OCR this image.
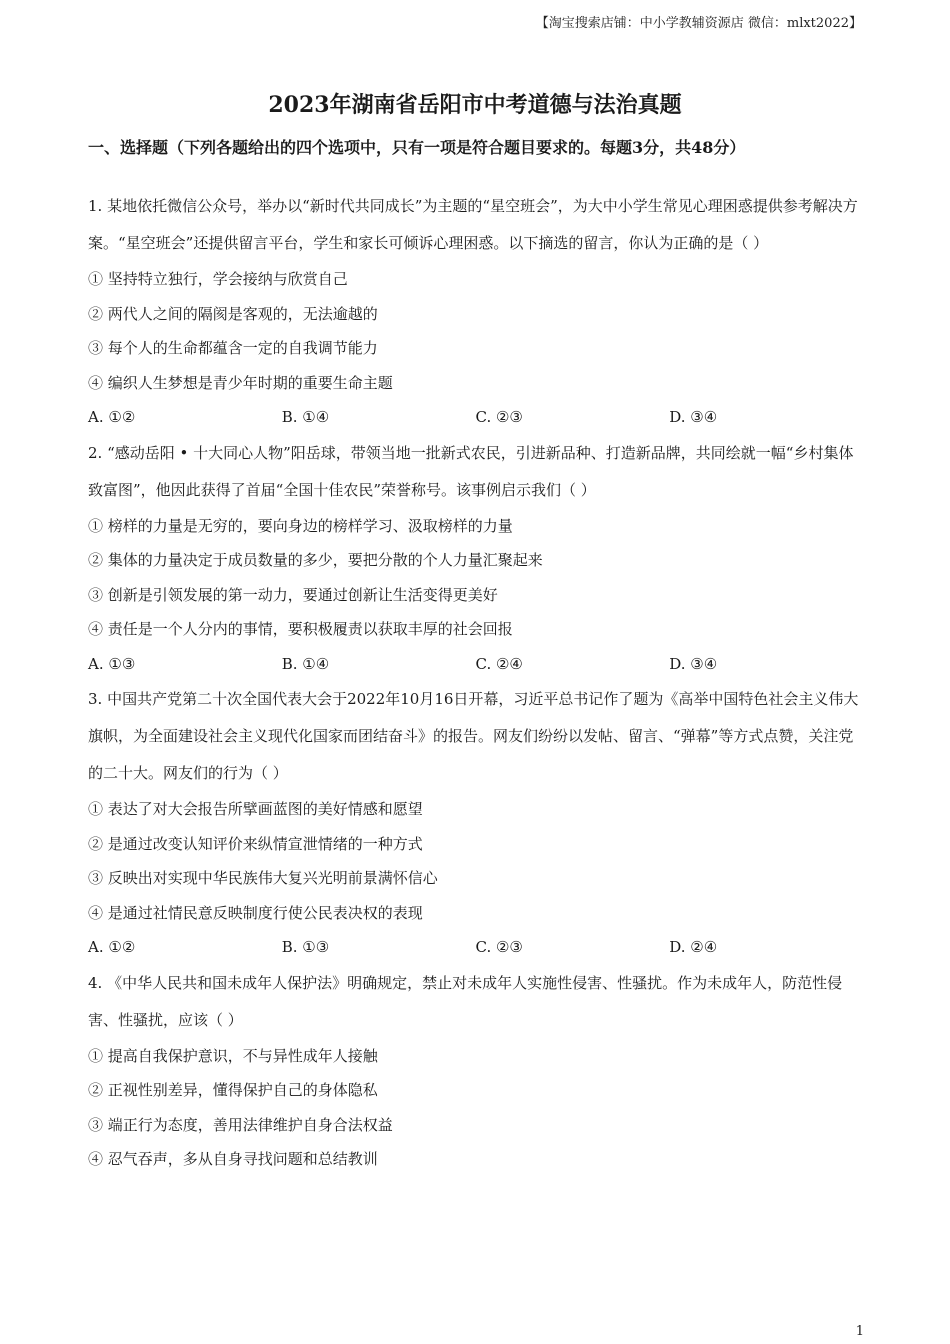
【淘宝搜索店铺：中小学教辅资源店 微信：mlxt2022】
2023年湖南省岳阳市中考道德与法治真题
一、选择题（下列各题给出的四个选项中，只有一项是符合题目要求的。每题3分，共48分）

1. 某地依托微信公众号，举办以“新时代共同成长”为主题的“星空班会”，为大中小学生常见心理困惑提供参考解决方案。“星空班会”还提供留言平台，学生和家长可倾诉心理困惑。以下摘选的留言，你认为正确的是（ ）

① 坚持特立独行，学会接纳与欣赏自己

② 两代人之间的隔阂是客观的，无法逾越的

③ 每个人的生命都蕴含一定的自我调节能力

④ 编织人生梦想是青少年时期的重要生命主题

A. ①②	B. ①④	C. ②③	D. ③④

2. “感动岳阳 • 十大同心人物”阳岳球，带领当地一批新式农民，引进新品种、打造新品牌，共同绘就一幅“乡村集体致富图”，他因此获得了首届“全国十佳农民”荣誉称号。该事例启示我们（ ）

① 榜样的力量是无穷的，要向身边的榜样学习、汲取榜样的力量

② 集体的力量决定于成员数量的多少，要把分散的个人力量汇聚起来

③ 创新是引领发展的第一动力，要通过创新让生活变得更美好

④ 责任是一个人分内的事情，要积极履责以获取丰厚的社会回报

A. ①③	B. ①④	C. ②④	D. ③④

3. 中国共产党第二十次全国代表大会于2022年10月16日开幕，习近平总书记作了题为《高举中国特色社会主义伟大旗帜，为全面建设社会主义现代化国家而团结奋斗》的报告。网友们纷纷以发帖、留言、“弹幕”等方式点赞，关注党的二十大。网友们的行为（ ）

① 表达了对大会报告所擘画蓝图的美好情感和愿望

② 是通过改变认知评价来纵情宣泄情绪的一种方式

③ 反映出对实现中华民族伟大复兴光明前景满怀信心

④ 是通过社情民意反映制度行使公民表决权的表现

A. ①②	B. ①③	C. ②③	D. ②④

4. 《中华人民共和国未成年人保护法》明确规定，禁止对未成年人实施性侵害、性骚扰。作为未成年人，防范性侵害、性骚扰，应该（ ）

① 提高自我保护意识，不与异性成年人接触

② 正视性别差异，懂得保护自己的身体隐私

③ 端正行为态度，善用法律维护自身合法权益

④ 忍气吞声，多从自身寻找问题和总结教训

1
